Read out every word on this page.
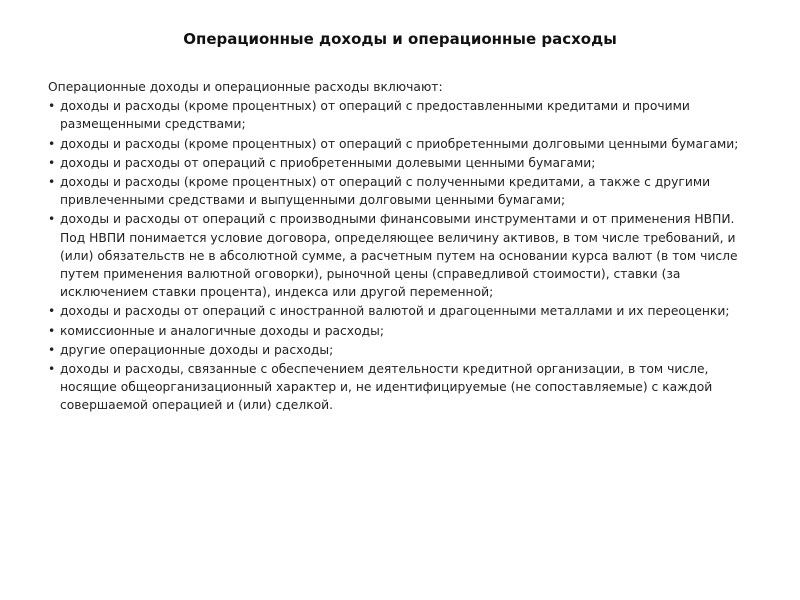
Операционные доходы и операционные расходы

Операционные доходы и операционные расходы включают:

• доходы и расходы (кроме процентных) от операций с предоставленными кредитами и прочими размещенными средствами;
• доходы и расходы (кроме процентных) от операций с приобретенными долговыми ценными бумагами;
• доходы и расходы от операций с приобретенными долевыми ценными бумагами;
• доходы и расходы (кроме процентных) от операций с полученными кредитами, а также с другими привлеченными средствами и выпущенными долговыми ценными бумагами;
• доходы и расходы от операций с производными финансовыми инструментами и от применения НВПИ. Под НВПИ понимается условие договора, определяющее величину активов, в том числе требований, и (или) обязательств не в абсолютной сумме, а расчетным путем на основании курса валют (в том числе путем применения валютной оговорки), рыночной цены (справедливой стоимости), ставки (за исключением ставки процента), индекса или другой переменной;
• доходы и расходы от операций с иностранной валютой и драгоценными металлами и их переоценки;
• комиссионные и аналогичные доходы и расходы;
• другие операционные доходы и расходы;
• доходы и расходы, связанные с обеспечением деятельности кредитной организации, в том числе, носящие общеорганизационный характер и, не идентифицируемые (не сопоставляемые) с каждой совершаемой операцией и (или) сделкой.
